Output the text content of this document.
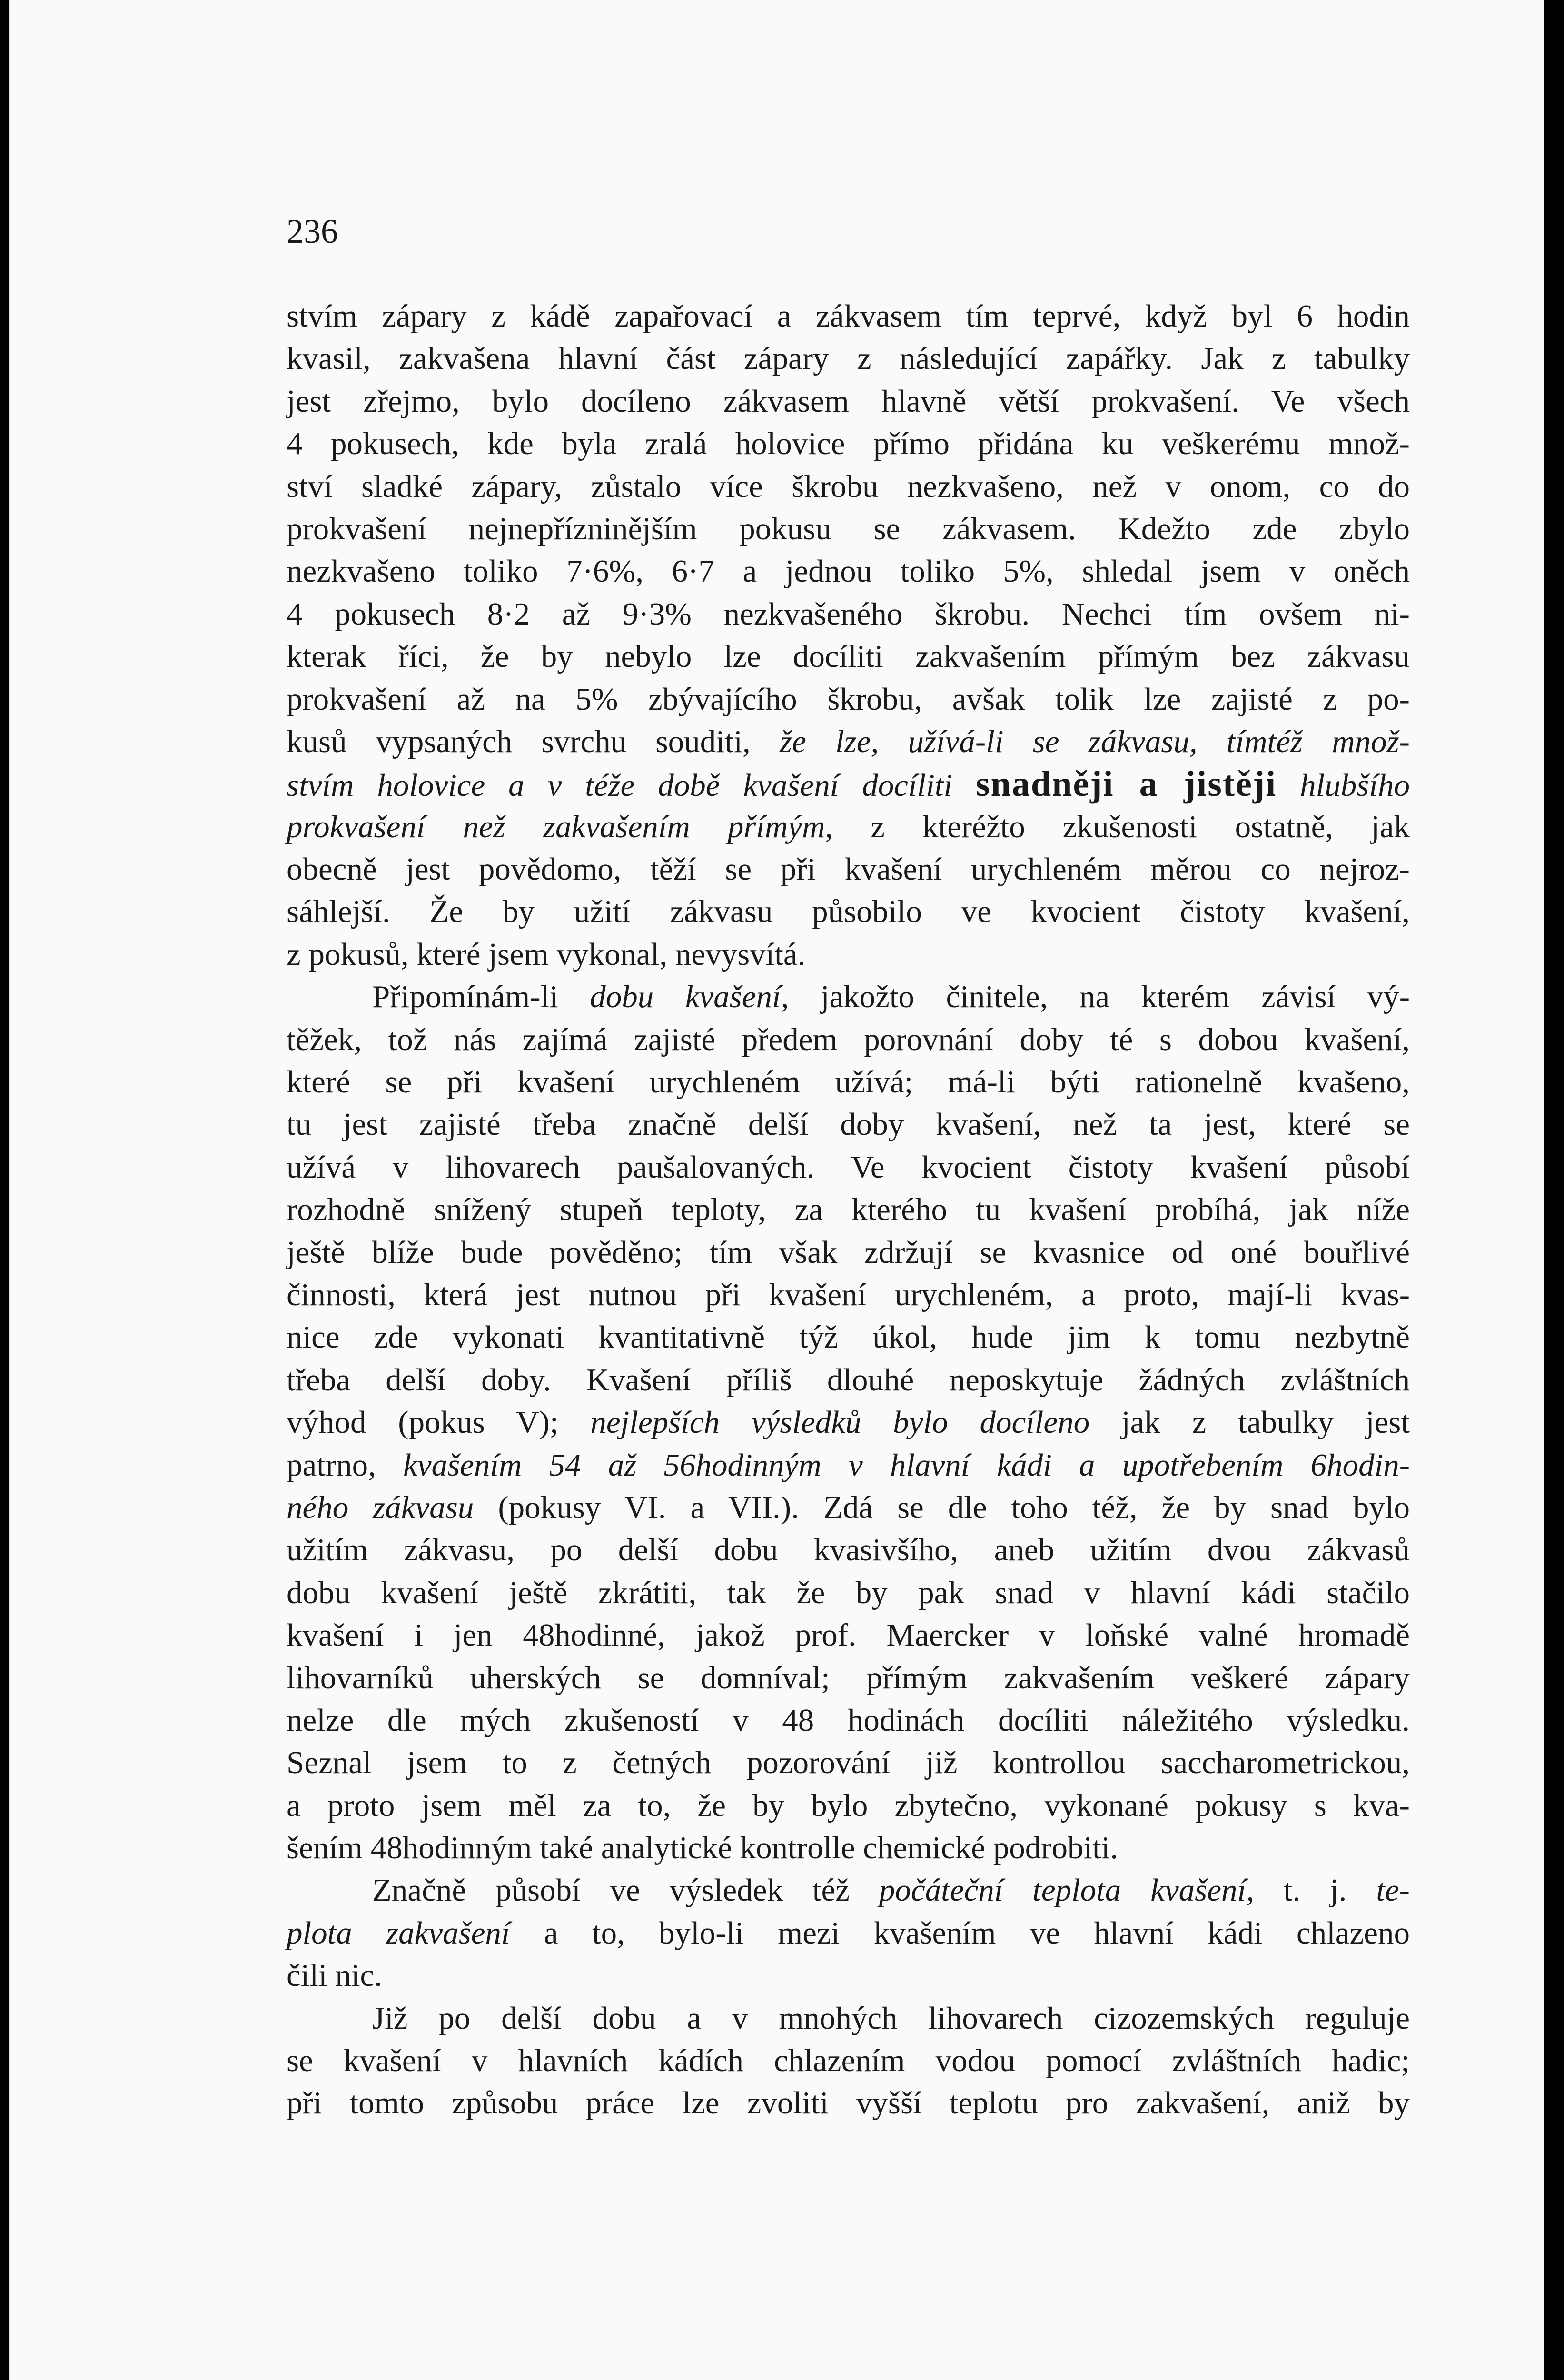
236
stvím zápary z kádě zapařovací a zákvasem tím teprvé, když byl 6 hodin
kvasil, zakvašena hlavní část zápary z následující zapářky. Jak z tabulky
jest zřejmo, bylo docíleno zákvasem hlavně větší prokvašení. Ve všech
4 pokusech, kde byla zralá holovice přímo přidána ku veškerému množ-
ství sladké zápary, zůstalo více škrobu nezkvašeno, než v onom, co do
prokvašení nejnepřízninějším pokusu se zákvasem. Kdežto zde zbylo
nezkvašeno toliko 7·6%, 6·7 a jednou toliko 5%, shledal jsem v oněch
4 pokusech 8·2 až 9·3% nezkvašeného škrobu. Nechci tím ovšem ni-
kterak říci, že by nebylo lze docíliti zakvašením přímým bez zákvasu
prokvašení až na 5% zbývajícího škrobu, avšak tolik lze zajisté z po-
kusů vypsaných svrchu souditi, že lze, užívá-li se zákvasu, tímtéž množ-
stvím holovice a v téže době kvašení docíliti snadněji a jistěji hlubšího
prokvašení než zakvašením přímým, z kteréžto zkušenosti ostatně, jak
obecně jest povědomo, těží se při kvašení urychleném měrou co nejroz-
sáhlejší. Že by užití zákvasu působilo ve kvocient čistoty kvašení,
z pokusů, které jsem vykonal, nevysvítá.
Připomínám-li dobu kvašení, jakožto činitele, na kterém závisí vý-
těžek, tož nás zajímá zajisté předem porovnání doby té s dobou kvašení,
které se při kvašení urychleném užívá; má-li býti rationelně kvašeno,
tu jest zajisté třeba značně delší doby kvašení, než ta jest, které se
užívá v lihovarech paušalovaných. Ve kvocient čistoty kvašení působí
rozhodně snížený stupeň teploty, za kterého tu kvašení probíhá, jak níže
ještě blíže bude pověděno; tím však zdržují se kvasnice od oné bouřlivé
činnosti, která jest nutnou při kvašení urychleném, a proto, mají-li kvas-
nice zde vykonati kvantitativně týž úkol, hude jim k tomu nezbytně
třeba delší doby. Kvašení příliš dlouhé neposkytuje žádných zvláštních
výhod (pokus V); nejlepších výsledků bylo docíleno jak z tabulky jest
patrno, kvašením 54 až 56hodinným v hlavní kádi a upotřebením 6hodin-
ného zákvasu (pokusy VI. a VII.). Zdá se dle toho též, že by snad bylo
užitím zákvasu, po delší dobu kvasivšího, aneb užitím dvou zákvasů
dobu kvašení ještě zkrátiti, tak že by pak snad v hlavní kádi stačilo
kvašení i jen 48hodinné, jakož prof. Maercker v loňské valné hromadě
lihovarníků uherských se domníval; přímým zakvašením veškeré zápary
nelze dle mých zkušeností v 48 hodinách docíliti náležitého výsledku.
Seznal jsem to z četných pozorování již kontrollou saccharometrickou,
a proto jsem měl za to, že by bylo zbytečno, vykonané pokusy s kva-
šením 48hodinným také analytické kontrolle chemické podrobiti.
Značně působí ve výsledek též počáteční teplota kvašení, t. j. te-
plota zakvašení a to, bylo-li mezi kvašením ve hlavní kádi chlazeno
čili nic.
Již po delší dobu a v mnohých lihovarech cizozemských reguluje
se kvašení v hlavních kádích chlazením vodou pomocí zvláštních hadic;
při tomto způsobu práce lze zvoliti vyšší teplotu pro zakvašení, aniž by
